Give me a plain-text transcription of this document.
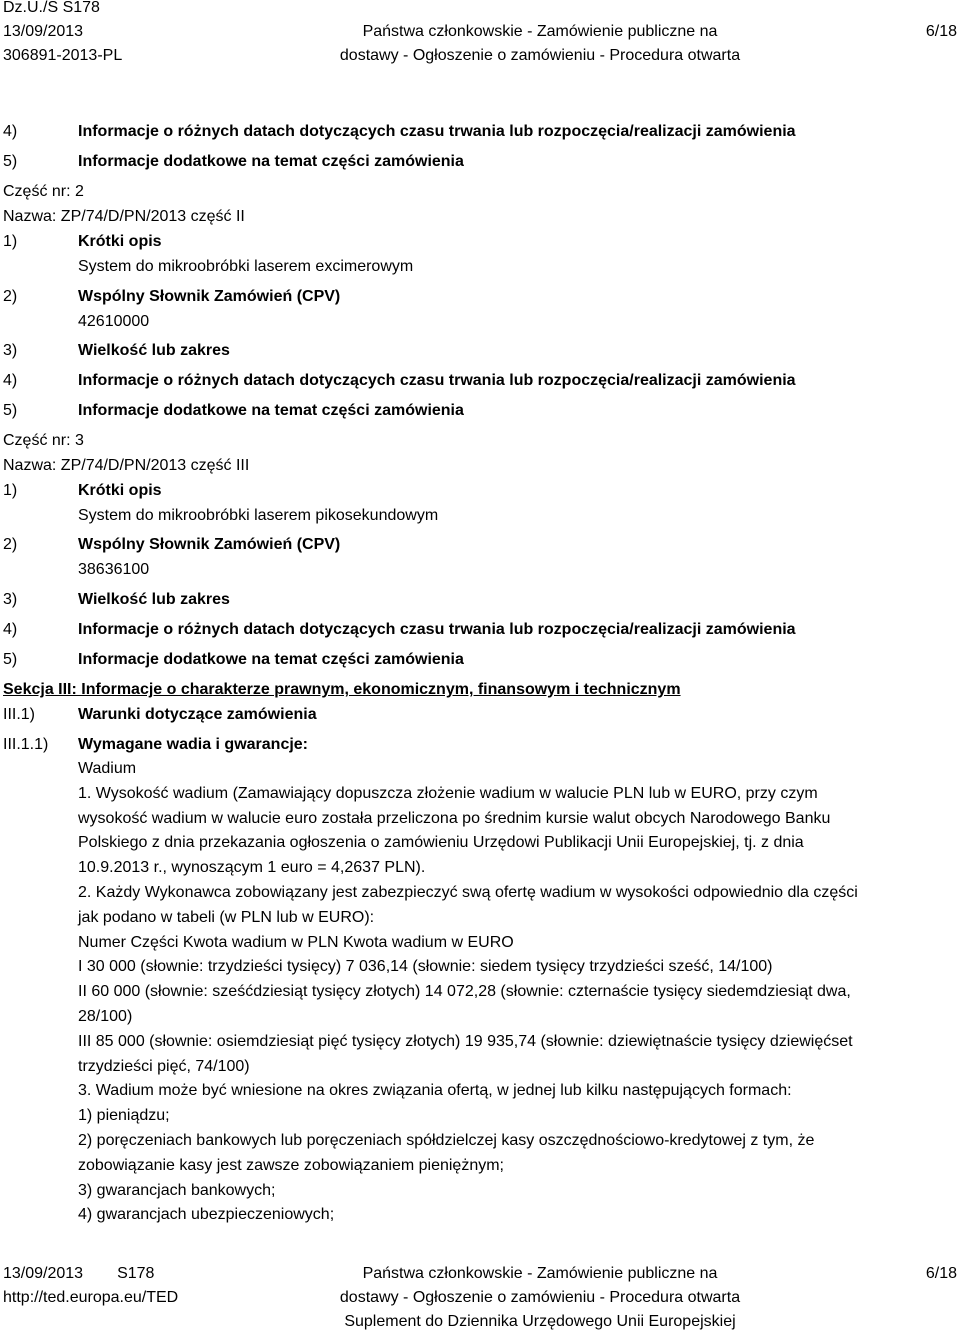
Dz.U./S S178
13/09/2013
306891-2013-PL
Państwa członkowskie - Zamówienie publiczne na
dostawy - Ogłoszenie o zamówieniu - Procedura otwarta
6/18
4)	Informacje o różnych datach dotyczących czasu trwania lub rozpoczęcia/realizacji zamówienia
5)	Informacje dodatkowe na temat części zamówienia
Część nr: 2
Nazwa: ZP/74/D/PN/2013 część II
1)	Krótki opis
System do mikroobróbki laserem excimerowym
2)	Wspólny Słownik Zamówień (CPV)
42610000
3)	Wielkość lub zakres
4)	Informacje o różnych datach dotyczących czasu trwania lub rozpoczęcia/realizacji zamówienia
5)	Informacje dodatkowe na temat części zamówienia
Część nr: 3
Nazwa: ZP/74/D/PN/2013 część III
1)	Krótki opis
System do mikroobróbki laserem pikosekundowym
2)	Wspólny Słownik Zamówień (CPV)
38636100
3)	Wielkość lub zakres
4)	Informacje o różnych datach dotyczących czasu trwania lub rozpoczęcia/realizacji zamówienia
5)	Informacje dodatkowe na temat części zamówienia
Sekcja III: Informacje o charakterze prawnym, ekonomicznym, finansowym i technicznym
III.1)	Warunki dotyczące zamówienia
III.1.1) Wymagane wadia i gwarancje:
Wadium
1. Wysokość wadium (Zamawiający dopuszcza złożenie wadium w walucie PLN lub w EURO, przy czym
wysokość wadium w walucie euro została przeliczona po średnim kursie walut obcych Narodowego Banku
Polskiego z dnia przekazania ogłoszenia o zamówieniu Urzędowi Publikacji Unii Europejskiej, tj. z dnia
10.9.2013 r., wynoszącym 1 euro = 4,2637 PLN).
2. Każdy Wykonawca zobowiązany jest zabezpieczyć swą ofertę wadium w wysokości odpowiednio dla części
jak podano w tabeli (w PLN lub w EURO):
Numer Części Kwota wadium w PLN Kwota wadium w EURO
I 30 000 (słownie: trzydzieści tysięcy) 7 036,14 (słownie: siedem tysięcy trzydzieści sześć, 14/100)
II 60 000 (słownie: sześćdziesiąt tysięcy złotych) 14 072,28 (słownie: czternaście tysięcy siedemdziesiąt dwa,
28/100)
III 85 000 (słownie: osiemdziesiąt pięć tysięcy złotych) 19 935,74 (słownie: dziewiętnaście tysięcy dziewięćset
trzydzieści pięć, 74/100)
3. Wadium może być wniesione na okres związania ofertą, w jednej lub kilku następujących formach:
1) pieniądzu;
2) poręczeniach bankowych lub poręczeniach spółdzielczej kasy oszczędnościowo-kredytowej z tym, że
zobowiązanie kasy jest zawsze zobowiązaniem pieniężnym;
3) gwarancjach bankowych;
4) gwarancjach ubezpieczeniowych;
13/09/2013 S178
http://ted.europa.eu/TED
Państwa członkowskie - Zamówienie publiczne na
dostawy - Ogłoszenie o zamówieniu - Procedura otwarta
Suplement do Dziennika Urzędowego Unii Europejskiej
6/18
